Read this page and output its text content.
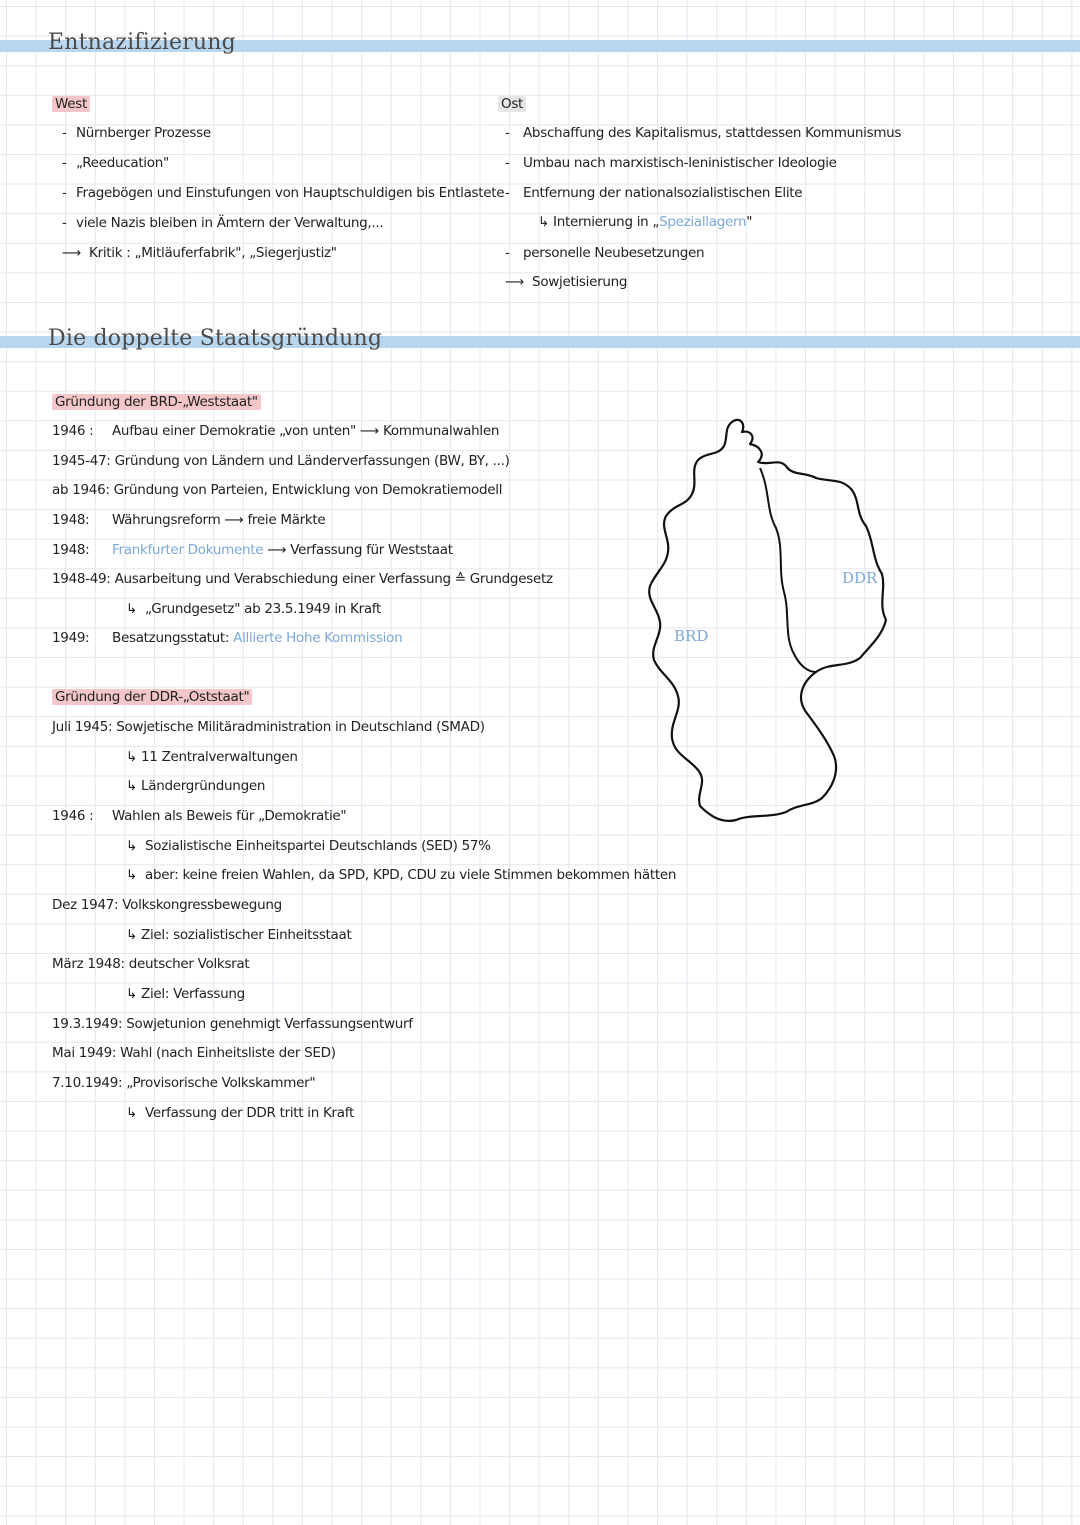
Entnazifizierung
West
- Nürnberger Prozesse
- „Reeducation"
- Fragebögen und Einstufungen von Hauptschuldigen bis Entlastete
- viele Nazis bleiben in Ämtern der Verwaltung,...
⟶ Kritik : „Mitläuferfabrik", „Siegerjustiz"
Ost
- Abschaffung des Kapitalismus, stattdessen Kommunismus
- Umbau nach marxistisch-leninistischer Ideologie
- Entfernung der nationalsozialistischen Elite
↳ Internierung in „Speziallagern"
- personelle Neubesetzungen
⟶ Sowjetisierung
Die doppelte Staatsgründung
Gründung der BRD-„Weststaat"
1946 : Aufbau einer Demokratie „von unten" ⟶ Kommunalwahlen
1945-47: Gründung von Ländern und Länderverfassungen (BW, BY, ...)
ab 1946: Gründung von Parteien, Entwicklung von Demokratiemodell
1948: Währungsreform ⟶ freie Märkte
1948: Frankfurter Dokumente ⟶ Verfassung für Weststaat
1948-49: Ausarbeitung und Verabschiedung einer Verfassung ≙ Grundgesetz
↳ „Grundgesetz" ab 23.5.1949 in Kraft
1949: Besatzungsstatut: Alliierte Hohe Kommission
Gründung der DDR-„Oststaat"
Juli 1945: Sowjetische Militäradministration in Deutschland (SMAD)
↳ 11 Zentralverwaltungen
↳ Ländergründungen
1946 : Wahlen als Beweis für „Demokratie"
↳ Sozialistische Einheitspartei Deutschlands (SED) 57%
↳ aber: keine freien Wahlen, da SPD, KPD, CDU zu viele Stimmen bekommen hätten
Dez 1947: Volkskongressbewegung
↳ Ziel: sozialistischer Einheitsstaat
März 1948: deutscher Volksrat
↳ Ziel: Verfassung
19.3.1949: Sowjetunion genehmigt Verfassungsentwurf
Mai 1949: Wahl (nach Einheitsliste der SED)
7.10.1949: „Provisorische Volkskammer"
↳ Verfassung der DDR tritt in Kraft
BRD
DDR
